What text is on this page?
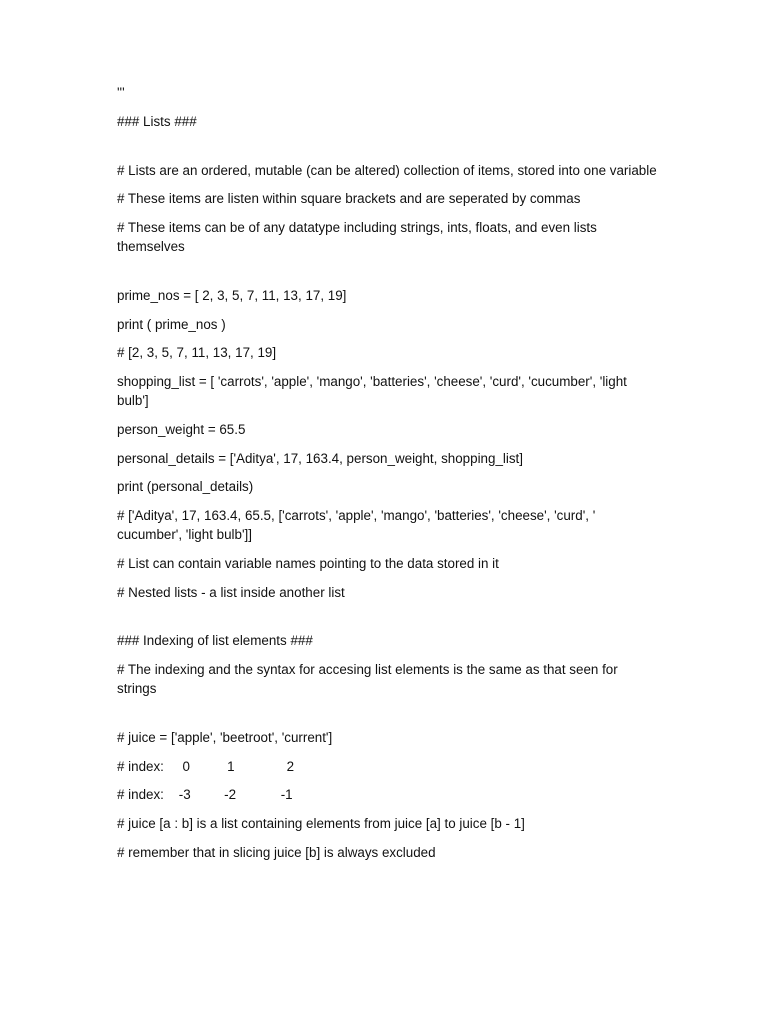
'''
### Lists ###
# Lists are an ordered, mutable (can be altered) collection of items, stored into one variable
# These items are listen within square brackets and are seperated by commas
# These items can be of any datatype including strings, ints, floats, and even lists themselves
prime_nos = [ 2, 3, 5, 7, 11, 13, 17, 19]
print ( prime_nos )
# [2, 3, 5, 7, 11, 13, 17, 19]
shopping_list = [ 'carrots', 'apple', 'mango', 'batteries', 'cheese', 'curd', 'cucumber', 'light bulb']
person_weight = 65.5
personal_details = ['Aditya', 17, 163.4, person_weight, shopping_list]
print (personal_details)
# ['Aditya', 17, 163.4, 65.5, ['carrots', 'apple', 'mango', 'batteries', 'cheese', 'curd', ' cucumber', 'light bulb']]
# List can contain variable names pointing to the data stored in it
# Nested lists - a list inside another list
### Indexing of list elements ###
# The indexing and the syntax for accesing list elements is the same as that seen for strings
# juice = ['apple', 'beetroot', 'current']
# index:     0          1              2
# index:    -3         -2            -1
# juice [a : b] is a list containing elements from juice [a] to juice [b - 1]
# remember that in slicing juice [b] is always excluded
